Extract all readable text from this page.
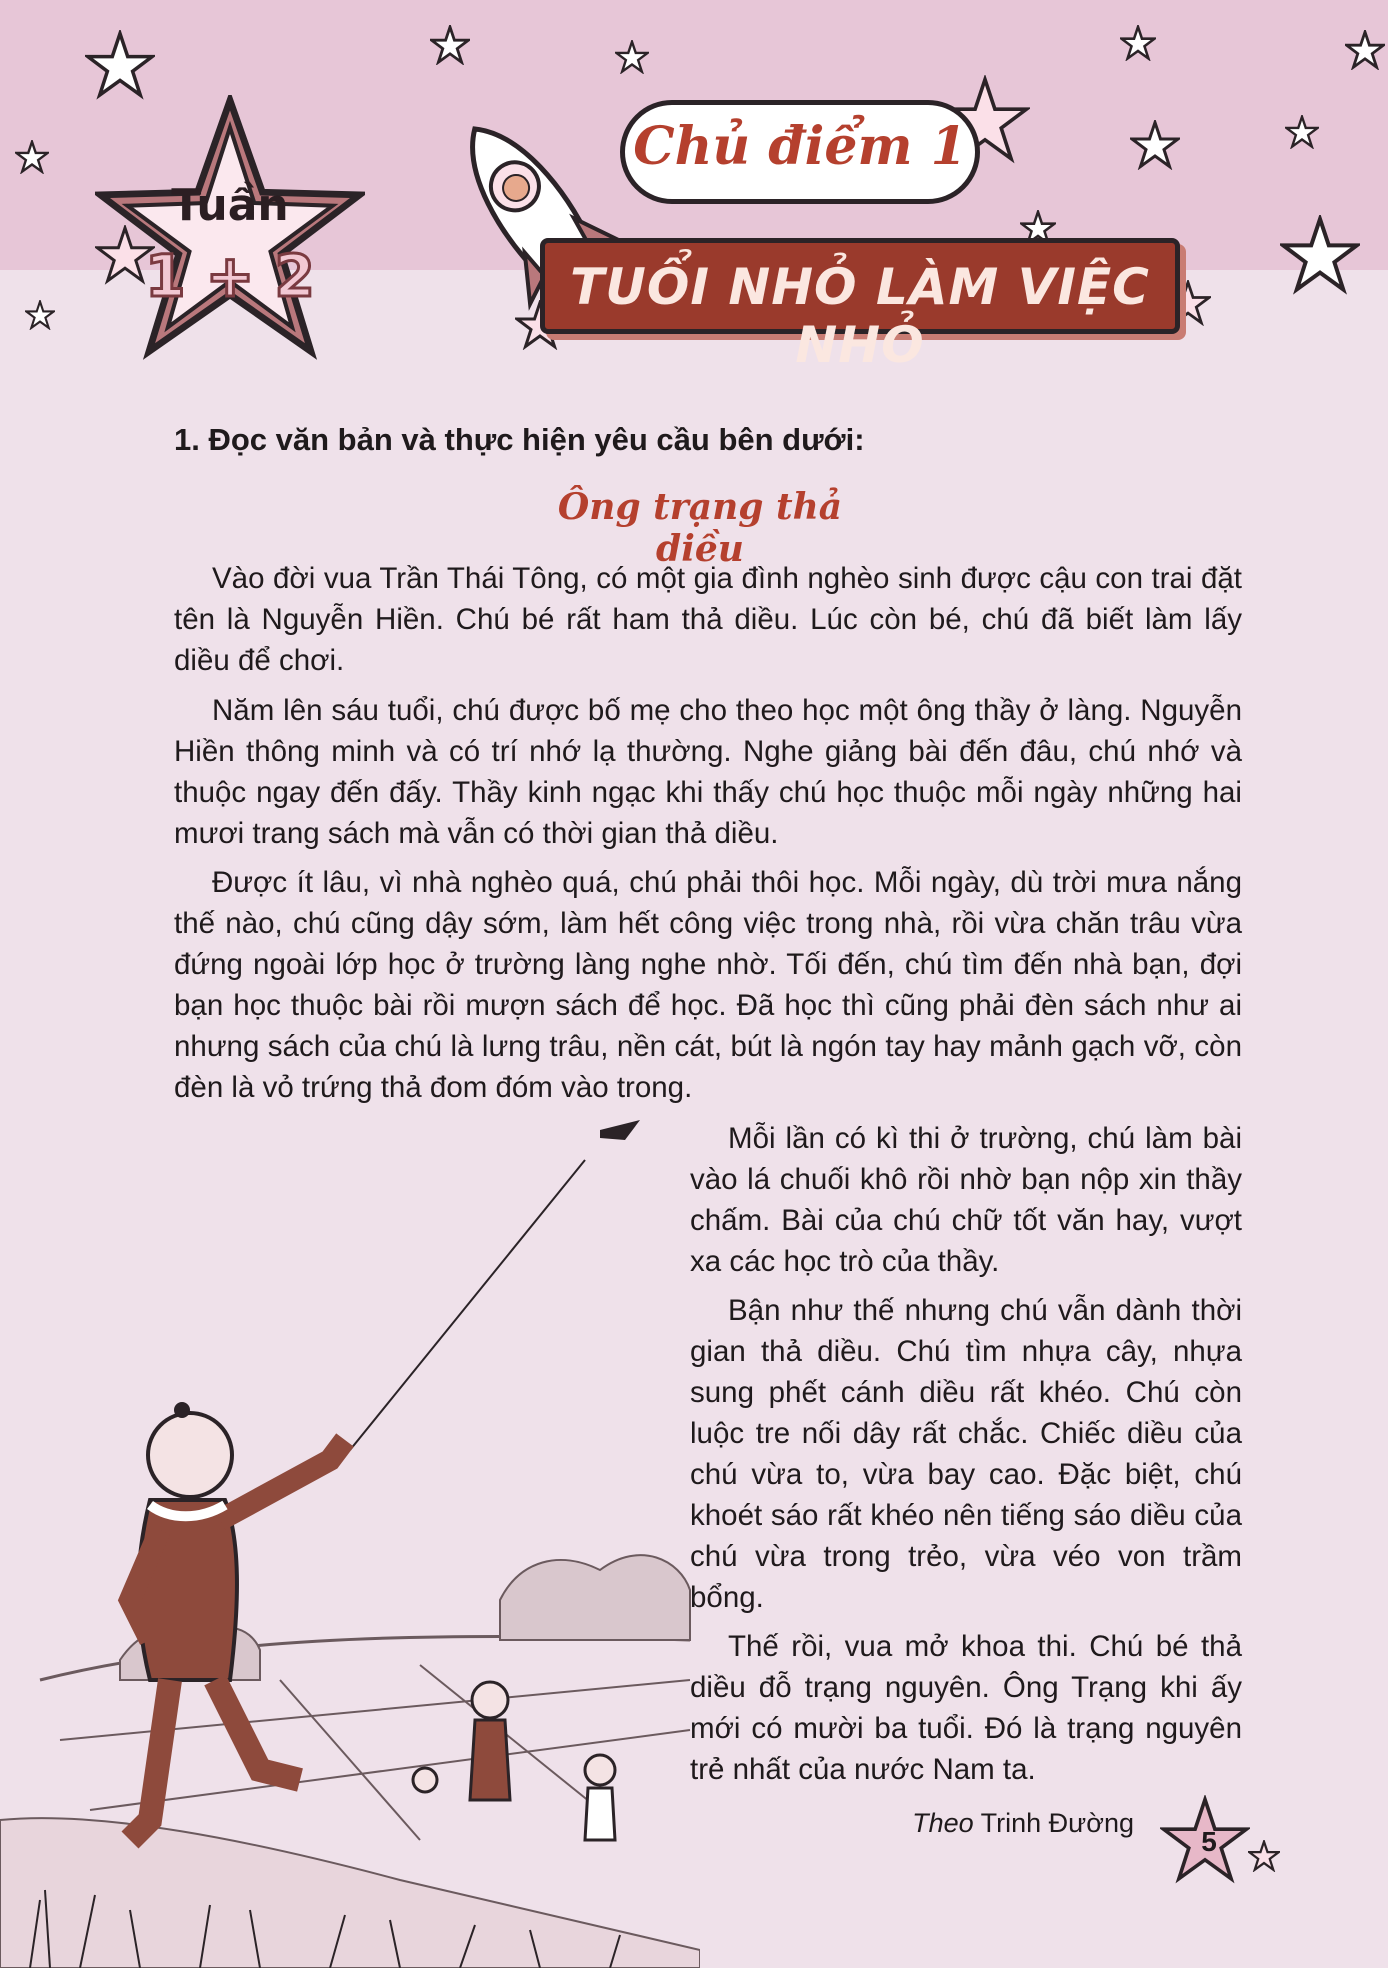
Tuần
1 + 2
Chủ điểm 1
TUỔI NHỎ LÀM VIỆC NHỎ
1. Đọc văn bản và thực hiện yêu cầu bên dưới:
Ông trạng thả diều

Vào đời vua Trần Thái Tông, có một gia đình nghèo sinh được cậu con trai đặt tên là Nguyễn Hiền. Chú bé rất ham thả diều. Lúc còn bé, chú đã biết làm lấy diều để chơi.

Năm lên sáu tuổi, chú được bố mẹ cho theo học một ông thầy ở làng. Nguyễn Hiền thông minh và có trí nhớ lạ thường. Nghe giảng bài đến đâu, chú nhớ và thuộc ngay đến đấy. Thầy kinh ngạc khi thấy chú học thuộc mỗi ngày những hai mươi trang sách mà vẫn có thời gian thả diều.

Được ít lâu, vì nhà nghèo quá, chú phải thôi học. Mỗi ngày, dù trời mưa nắng thế nào, chú cũng dậy sớm, làm hết công việc trong nhà, rồi vừa chăn trâu vừa đứng ngoài lớp học ở trường làng nghe nhờ. Tối đến, chú tìm đến nhà bạn, đợi bạn học thuộc bài rồi mượn sách để học. Đã học thì cũng phải đèn sách như ai nhưng sách của chú là lưng trâu, nền cát, bút là ngón tay hay mảnh gạch vỡ, còn đèn là vỏ trứng thả đom đóm vào trong.

Mỗi lần có kì thi ở trường, chú làm bài vào lá chuối khô rồi nhờ bạn nộp xin thầy chấm. Bài của chú chữ tốt văn hay, vượt xa các học trò của thầy.

Bận như thế nhưng chú vẫn dành thời gian thả diều. Chú tìm nhựa cây, nhựa sung phết cánh diều rất khéo. Chú còn luộc tre nối dây rất chắc. Chiếc diều của chú vừa to, vừa bay cao. Đặc biệt, chú khoét sáo rất khéo nên tiếng sáo diều của chú vừa trong trẻo, vừa véo von trầm bổng.

Thế rồi, vua mở khoa thi. Chú bé thả diều đỗ trạng nguyên. Ông Trạng khi ấy mới có mười ba tuổi. Đó là trạng nguyên trẻ nhất của nước Nam ta.

Theo Trinh Đường
5
